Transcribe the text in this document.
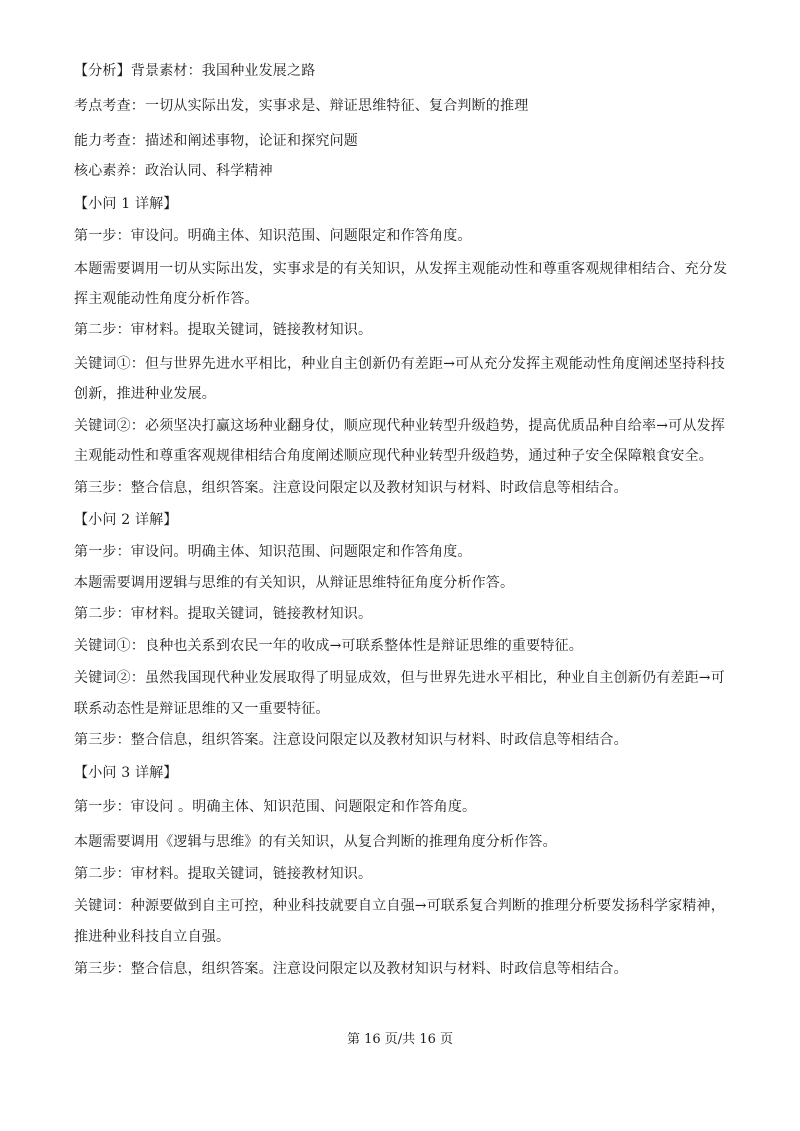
【分析】背景素材：我国种业发展之路
考点考查：一切从实际出发，实事求是、辩证思维特征、复合判断的推理
能力考查：描述和阐述事物，论证和探究问题
核心素养：政治认同、科学精神
【小问 1 详解】
第一步：审设问。明确主体、知识范围、问题限定和作答角度。
本题需要调用一切从实际出发，实事求是的有关知识，从发挥主观能动性和尊重客观规律相结合、充分发
挥主观能动性角度分析作答。
第二步：审材料。提取关键词，链接教材知识。
关键词①：但与世界先进水平相比，种业自主创新仍有差距→可从充分发挥主观能动性角度阐述坚持科技
创新，推进种业发展。
关键词②：必须坚决打赢这场种业翻身仗，顺应现代种业转型升级趋势，提高优质品种自给率→可从发挥
主观能动性和尊重客观规律相结合角度阐述顺应现代种业转型升级趋势，通过种子安全保障粮食安全。
第三步：整合信息，组织答案。注意设问限定以及教材知识与材料、时政信息等相结合。
【小问 2 详解】
第一步：审设问。明确主体、知识范围、问题限定和作答角度。
本题需要调用逻辑与思维的有关知识，从辩证思维特征角度分析作答。
第二步：审材料。提取关键词，链接教材知识。
关键词①：良种也关系到农民一年的收成→可联系整体性是辩证思维的重要特征。
关键词②：虽然我国现代种业发展取得了明显成效，但与世界先进水平相比，种业自主创新仍有差距→可
联系动态性是辩证思维的又一重要特征。
第三步：整合信息，组织答案。注意设问限定以及教材知识与材料、时政信息等相结合。
【小问 3 详解】
第一步：审设问 。明确主体、知识范围、问题限定和作答角度。
本题需要调用《逻辑与思维》的有关知识，从复合判断的推理角度分析作答。
第二步：审材料。提取关键词，链接教材知识。
关键词：种源要做到自主可控，种业科技就要自立自强→可联系复合判断的推理分析要发扬科学家精神，
推进种业科技自立自强。
第三步：整合信息，组织答案。注意设问限定以及教材知识与材料、时政信息等相结合。
第 16 页/共 16 页
